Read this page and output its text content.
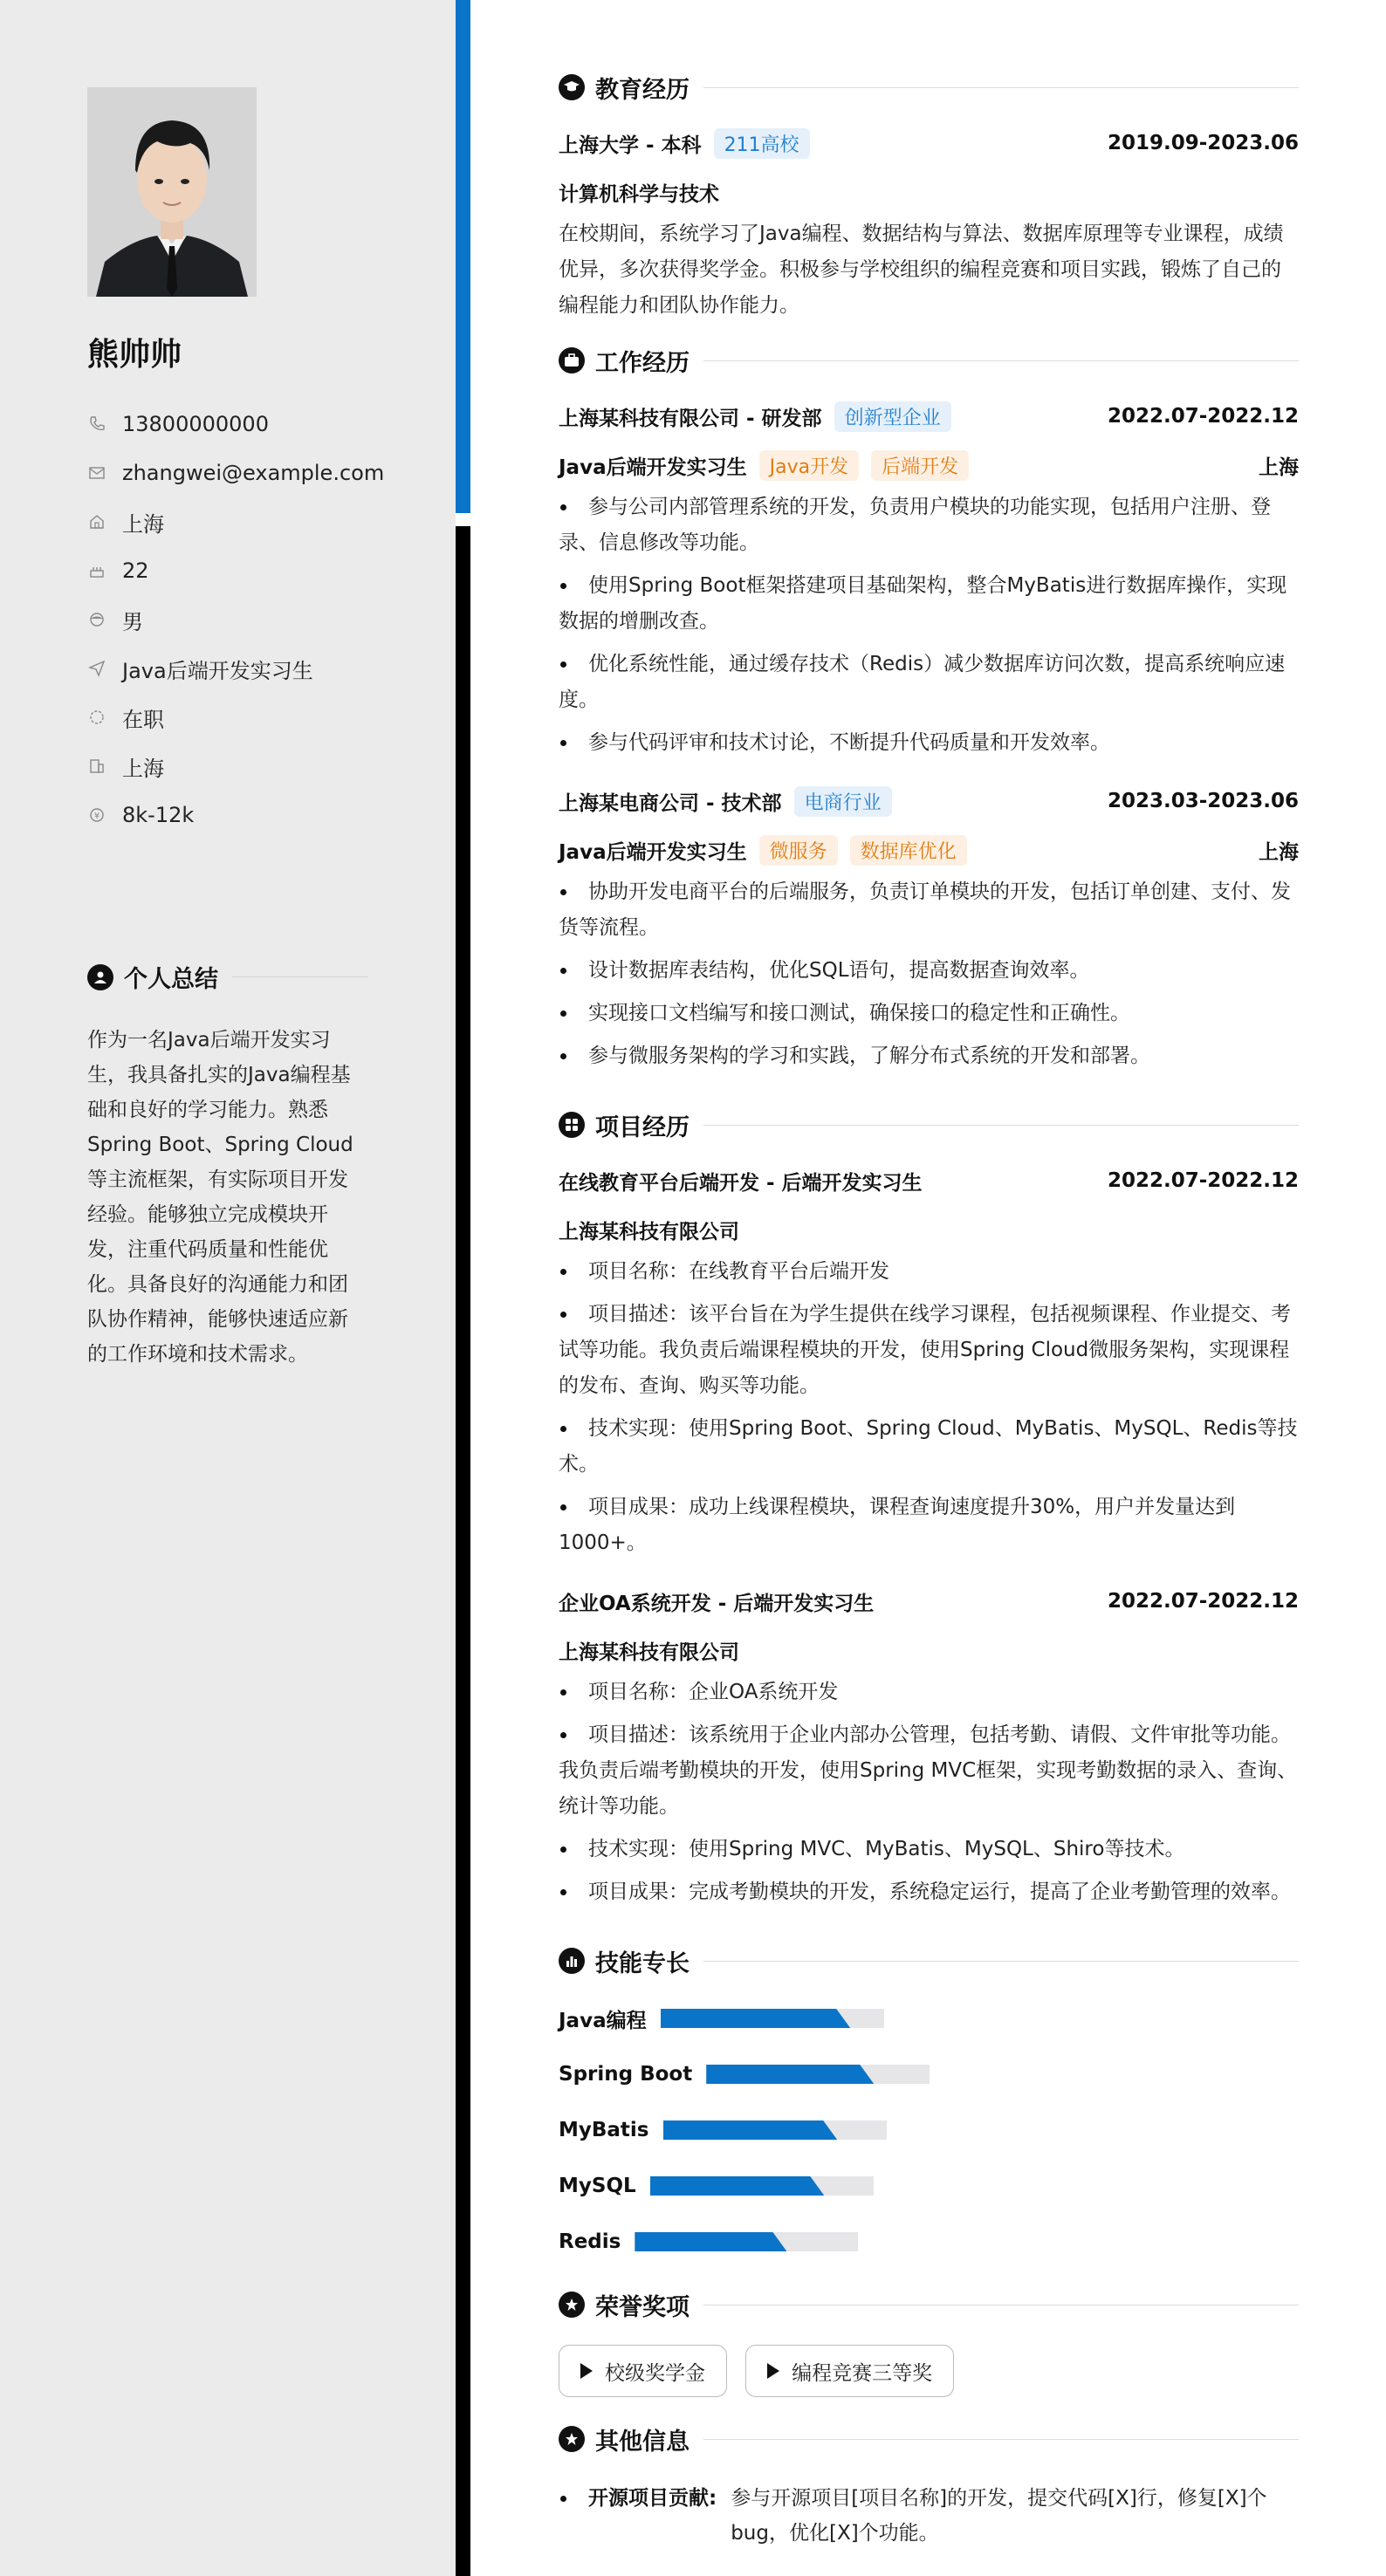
熊帅帅
13800000000
zhangwei@example.com
上海
22
男
Java后端开发实习生
在职
上海
¥ 8k-12k
个人总结
作为一名Java后端开发实习
生，我具备扎实的Java编程基
础和良好的学习能力。熟悉
Spring Boot、Spring Cloud
等主流框架，有实际项目开发
经验。能够独立完成模块开
发，注重代码质量和性能优
化。具备良好的沟通能力和团
队协作精神，能够快速适应新
的工作环境和技术需求。
教育经历
上海大学 - 本科	211高校	2019.09-2023.06
计算机科学与技术

在校期间，系统学习了Java编程、数据结构与算法、数据库原理等专业课程，成绩优异，多次获得奖学金。积极参与学校组织的编程竞赛和项目实践，锻炼了自己的编程能力和团队协作能力。

工作经历
上海某科技有限公司 - 研发部	创新型企业	2022.07-2022.12
Java后端开发实习生	Java开发	后端开发	上海
参与公司内部管理系统的开发，负责用户模块的功能实现，包括用户注册、登录、信息修改等功能。
使用Spring Boot框架搭建项目基础架构，整合MyBatis进行数据库操作，实现数据的增删改查。
优化系统性能，通过缓存技术（Redis）减少数据库访问次数，提高系统响应速度。
参与代码评审和技术讨论，不断提升代码质量和开发效率。
上海某电商公司 - 技术部	电商行业	2023.03-2023.06
Java后端开发实习生	微服务	数据库优化	上海
协助开发电商平台的后端服务，负责订单模块的开发，包括订单创建、支付、发货等流程。
设计数据库表结构，优化SQL语句，提高数据查询效率。
实现接口文档编写和接口测试，确保接口的稳定性和正确性。
参与微服务架构的学习和实践，了解分布式系统的开发和部署。
项目经历
在线教育平台后端开发 - 后端开发实习生	2022.07-2022.12
上海某科技有限公司
项目名称：在线教育平台后端开发
项目描述：该平台旨在为学生提供在线学习课程，包括视频课程、作业提交、考试等功能。我负责后端课程模块的开发，使用Spring Cloud微服务架构，实现课程的发布、查询、购买等功能。
技术实现：使用Spring Boot、Spring Cloud、MyBatis、MySQL、Redis等技术。
项目成果：成功上线课程模块，课程查询速度提升30%，用户并发量达到1000+。
企业OA系统开发 - 后端开发实习生	2022.07-2022.12
上海某科技有限公司
项目名称：企业OA系统开发
项目描述：该系统用于企业内部办公管理，包括考勤、请假、文件审批等功能。我负责后端考勤模块的开发，使用Spring MVC框架，实现考勤数据的录入、查询、统计等功能。
技术实现：使用Spring MVC、MyBatis、MySQL、Shiro等技术。
项目成果：完成考勤模块的开发，系统稳定运行，提高了企业考勤管理的效率。
技能专长
Java编程
Spring Boot
MyBatis
MySQL
Redis
荣誉奖项
校级奖学金
	编程竞赛三等奖
其他信息
开源项目贡献: 参与开源项目[项目名称]的开发，提交代码[X]行，修复[X]个bug，优化[X]个功能。
